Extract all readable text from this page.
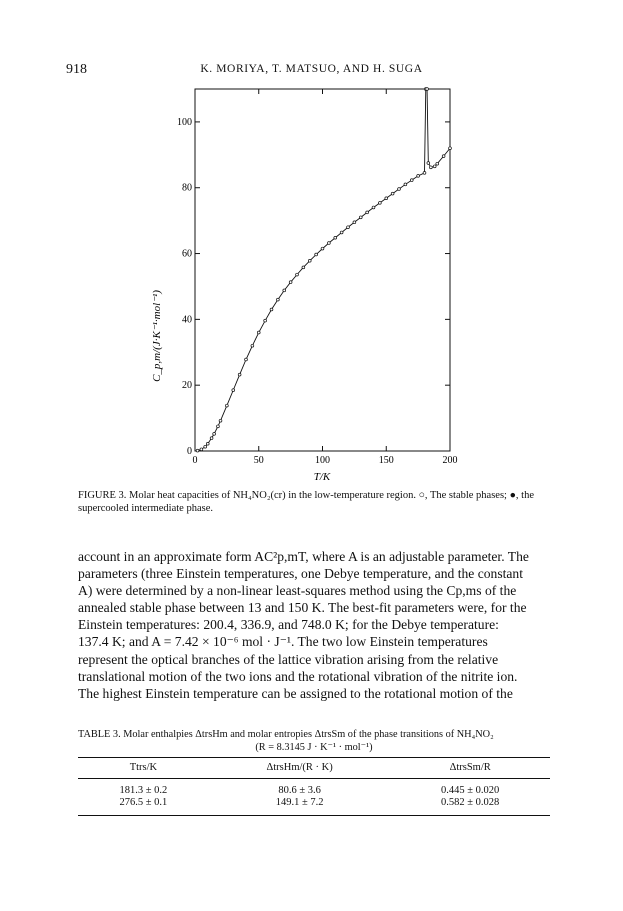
918	K. MORIYA, T. MATSUO, AND H. SUGA
0	50	100	150	200
0
20
40
60
80
100
C_p,m/(J·K⁻¹·mol⁻¹)
T/K
FIGURE 3. Molar heat capacities of NH₄NO₂(cr) in the low-temperature region. ○, The stable phases; ●, the supercooled intermediate phase.

account in an approximate form AC²p,mT, where A is an adjustable parameter. The

parameters (three Einstein temperatures, one Debye temperature, and the constant

A) were determined by a non-linear least-squares method using the Cp,ms of the

annealed stable phase between 13 and 150 K. The best-fit parameters were, for the

Einstein temperatures: 200.4, 336.9, and 748.0 K; for the Debye temperature:

137.4 K; and A = 7.42 × 10⁻⁶ mol · J⁻¹. The two low Einstein temperatures

represent the optical branches of the lattice vibration arising from the relative

translational motion of the two ions and the rotational vibration of the nitrite ion.

The highest Einstein temperature can be assigned to the rotational motion of the

TABLE 3. Molar enthalpies ΔtrsHm and molar entropies ΔtrsSm of the phase transitions of NH₄NO₂
(R = 8.3145 J · K⁻¹ · mol⁻¹)
Ttrs/K	ΔtrsHm/(R · K)	ΔtrsSm/R
181.3 ± 0.2	80.6 ± 3.6	0.445 ± 0.020
276.5 ± 0.1	149.1 ± 7.2	0.582 ± 0.028
